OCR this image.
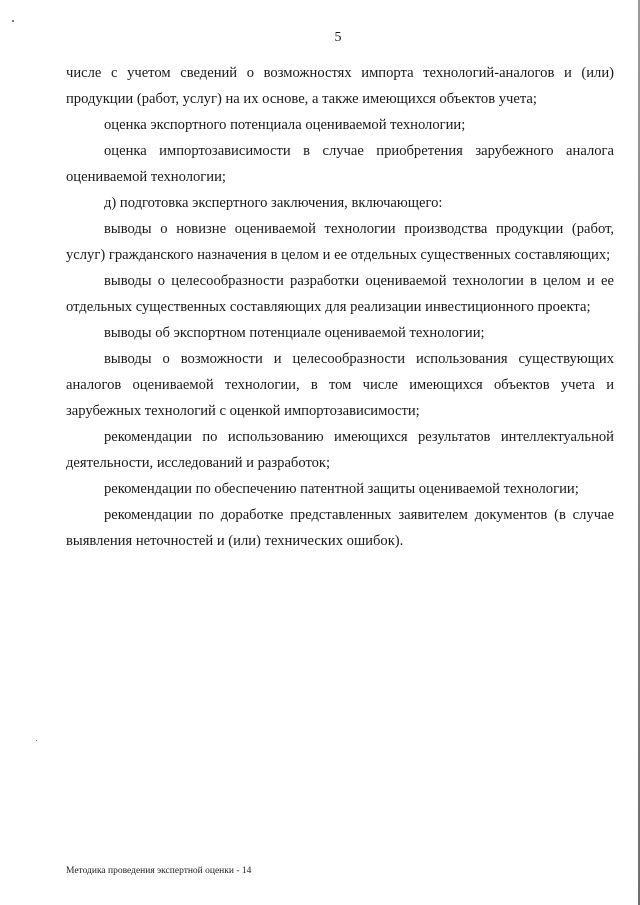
5

числе с учетом сведений о возможностях импорта технологий-аналогов и (или) продукции (работ, услуг) на их основе, а также имеющихся объектов учета;

оценка экспортного потенциала оцениваемой технологии;

оценка импортозависимости в случае приобретения зарубежного аналога оцениваемой технологии;

д) подготовка экспертного заключения, включающего:

выводы о новизне оцениваемой технологии производства продукции (работ, услуг) гражданского назначения в целом и ее отдельных существенных составляющих;

выводы о целесообразности разработки оцениваемой технологии в целом и ее отдельных существенных составляющих для реализации инвестиционного проекта;

выводы об экспортном потенциале оцениваемой технологии;

выводы о возможности и целесообразности использования существующих аналогов оцениваемой технологии, в том числе имеющихся объектов учета и зарубежных технологий с оценкой импортозависимости;

рекомендации по использованию имеющихся результатов интеллектуальной деятельности, исследований и разработок;

рекомендации по обеспечению патентной защиты оцениваемой технологии;

рекомендации по доработке представленных заявителем документов (в случае выявления неточностей и (или) технических ошибок).

Методика проведения экспертной оценки - 14
